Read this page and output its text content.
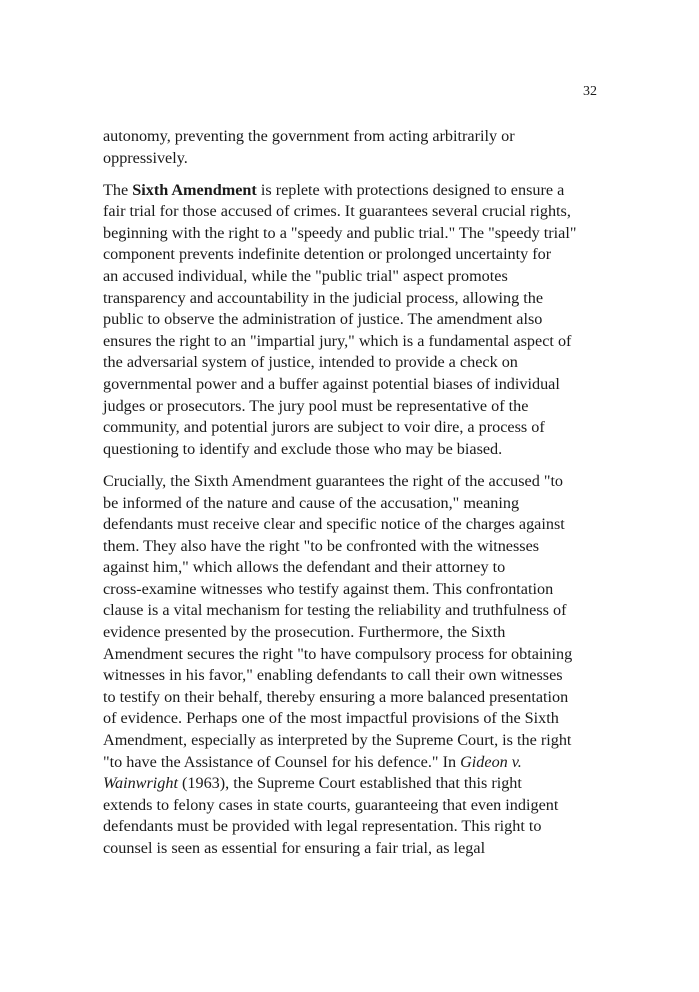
32
autonomy, preventing the government from acting arbitrarily or
oppressively.
The Sixth Amendment is replete with protections designed to ensure a
fair trial for those accused of crimes. It guarantees several crucial rights,
beginning with the right to a "speedy and public trial." The "speedy trial"
component prevents indefinite detention or prolonged uncertainty for
an accused individual, while the "public trial" aspect promotes
transparency and accountability in the judicial process, allowing the
public to observe the administration of justice. The amendment also
ensures the right to an "impartial jury," which is a fundamental aspect of
the adversarial system of justice, intended to provide a check on
governmental power and a buffer against potential biases of individual
judges or prosecutors. The jury pool must be representative of the
community, and potential jurors are subject to voir dire, a process of
questioning to identify and exclude those who may be biased.
Crucially, the Sixth Amendment guarantees the right of the accused "to
be informed of the nature and cause of the accusation," meaning
defendants must receive clear and specific notice of the charges against
them. They also have the right "to be confronted with the witnesses
against him," which allows the defendant and their attorney to
cross-examine witnesses who testify against them. This confrontation
clause is a vital mechanism for testing the reliability and truthfulness of
evidence presented by the prosecution. Furthermore, the Sixth
Amendment secures the right "to have compulsory process for obtaining
witnesses in his favor," enabling defendants to call their own witnesses
to testify on their behalf, thereby ensuring a more balanced presentation
of evidence. Perhaps one of the most impactful provisions of the Sixth
Amendment, especially as interpreted by the Supreme Court, is the right
"to have the Assistance of Counsel for his defence." In Gideon v.
Wainwright (1963), the Supreme Court established that this right
extends to felony cases in state courts, guaranteeing that even indigent
defendants must be provided with legal representation. This right to
counsel is seen as essential for ensuring a fair trial, as legal
